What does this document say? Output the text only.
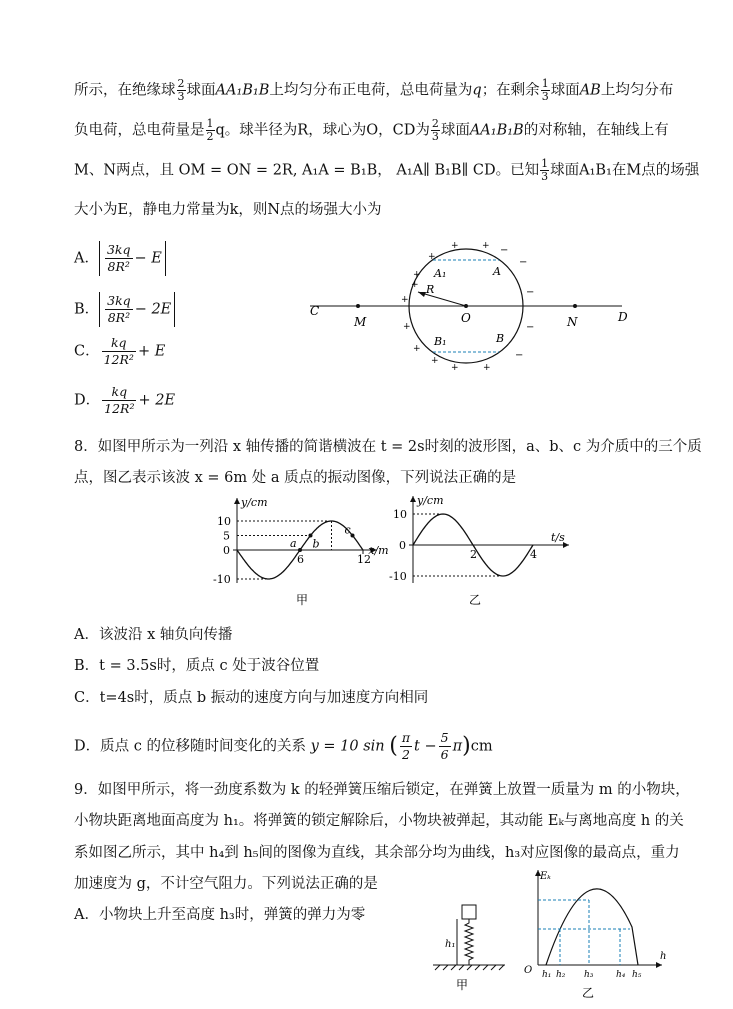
所示，在绝缘球 $\frac{2}{3}$ 球面AA₁B₁B上均匀分布正电荷，总电荷量为q；在剩余 $\frac{1}{3}$ 球面AB上均匀分布
负电荷，总电荷量是 $\frac{1}{2}$ q。球半径为R，球心为O，CD为 $\frac{2}{3}$ 球面AA₁B₁B的对称轴，在轴线上有
M、N两点，且 OM = ON = 2R, A₁A = B₁B， A₁A∥ B₁B∥ CD。已知 $\frac{1}{3}$ 球面A₁B₁在M点的场强
大小为E，静电力常量为k，则N点的场强大小为
A． $\frac{3kq}{\text{8R²}} - E$
B． $\frac{3kq}{\text{8R²}} - 2E$
C． $\frac{kq}{\text{12R²}} + E$
D． $\frac{kq}{\text{12R²}} + 2E$
C
M	O	N	D
A₁	A
B₁	B
R
+	+
+
+
+
+
+
+
+	+
+
−
−
−
−
−
8．如图甲所示为一列沿 x 轴传播的简谐横波在 t = 2s时刻的波形图，a、b、c 为介质中的三个质
点，图乙表示该波 x = 6m 处 a 质点的振动图像，下列说法正确的是
10
5
0
-10
6	12
y/cm
x/m
a b
c
甲
10
0
-10
2	4
y/cm
t/s
乙
A．该波沿 x 轴负向传播
B．t = 3.5s时，质点 c 处于波谷位置
C．t=4s时，质点 b 振动的速度方向与加速度方向相同
D．质点 c 的位移随时间变化的关系 y = 10 sin ( $\frac{\pi}{2}$ $t - \frac{5}{6} \pi)cm$
9．如图甲所示，将一劲度系数为 k 的轻弹簧压缩后锁定，在弹簧上放置一质量为 m 的小物块，
小物块距离地面高度为 h₁。将弹簧的锁定解除后，小物块被弹起，其动能 Eₖ与离地高度 h 的关
系如图乙所示，其中 h₄到 h₅间的图像为直线，其余部分均为曲线，h₃对应图像的最高点，重力
加速度为 g，不计空气阻力。下列说法正确的是
A．小物块上升至高度 h₃时，弹簧的弹力为零
h₁
甲
Eₖ
h
O h₁ h₂ h₃	h₄ h₅
乙
